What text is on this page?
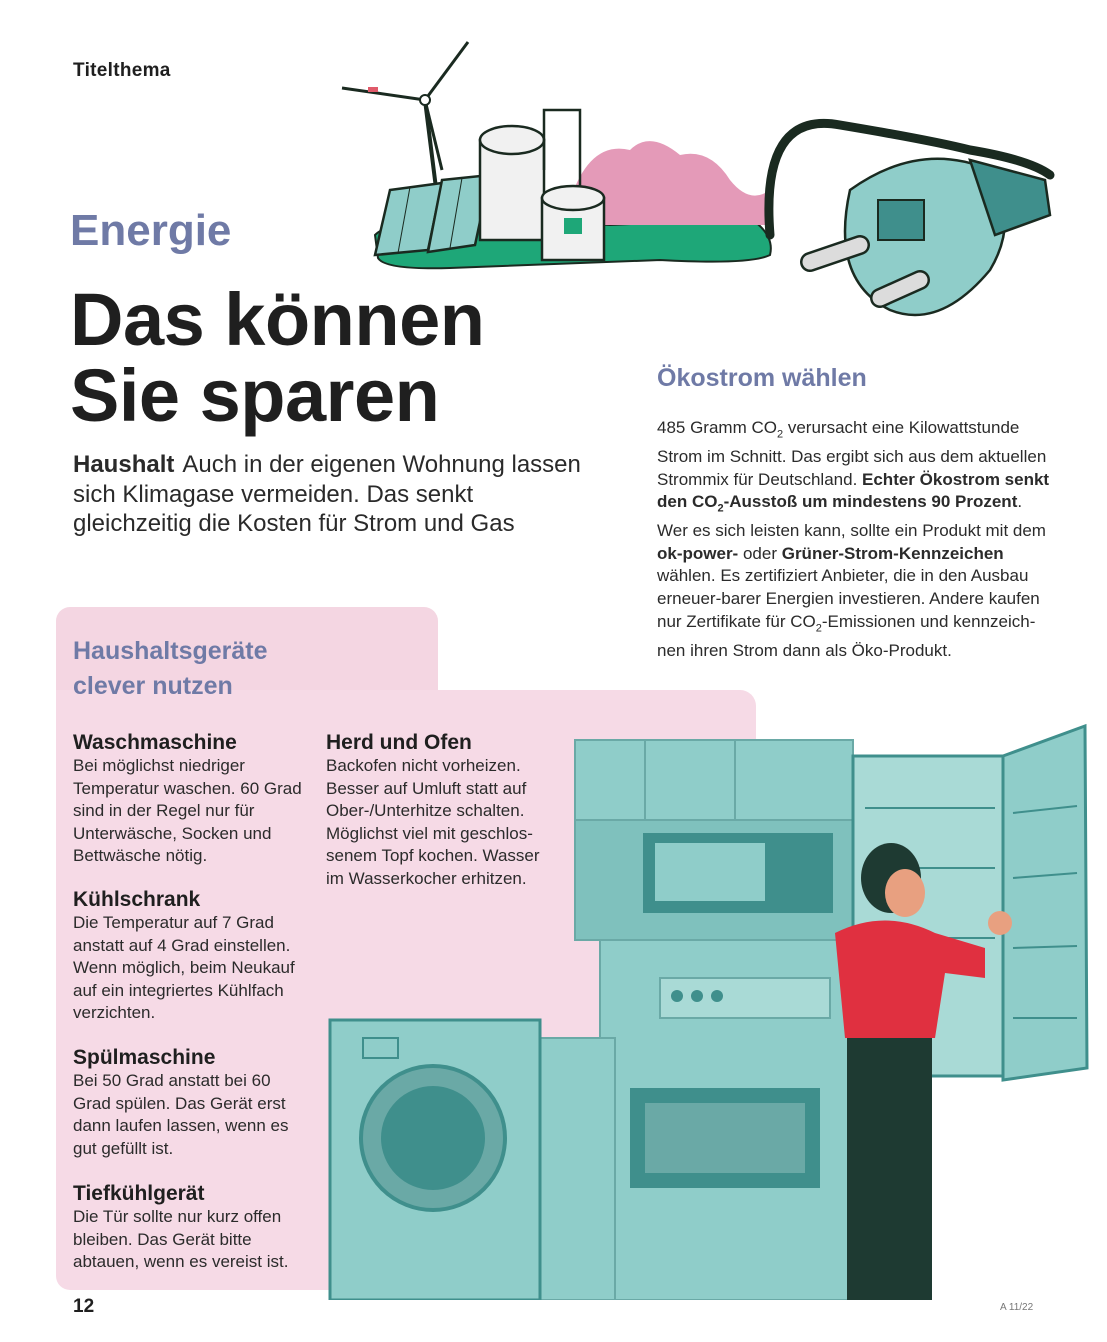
Titelthema
Energie
Das können
Sie sparen
Haushalt Auch in der eigenen Wohnung lassen sich Klimagase vermeiden. Das senkt gleichzeitig die Kosten für Strom und Gas
Ökostrom wählen
485 Gramm $CO_2$ verursacht eine Kilowattstunde Strom im Schnitt. Das ergibt sich aus dem aktuellen Strommix für Deutschland. Echter Ökostrom senkt den $CO_2$-Ausstoß um mindestens 90 Prozent. Wer es sich leisten kann, sollte ein Produkt mit dem ok-power- oder Grüner-Strom-Kennzeichen wählen. Es zertifiziert Anbieter, die in den Ausbau erneuer-barer Energien investieren. Andere kaufen nur Zertifikate für $CO_2$-Emissionen und kennzeich-nen ihren Strom dann als Öko-Produkt.
Haushaltsgeräte
clever nutzen
Waschmaschine

Bei möglichst niedriger Temperatur waschen. 60 Grad sind in der Regel nur für Unterwäsche, Socken und Bettwäsche nötig.

Kühlschrank

Die Temperatur auf 7 Grad anstatt auf 4 Grad einstellen. Wenn möglich, beim Neukauf auf ein integriertes Kühlfach verzichten.

Spülmaschine

Bei 50 Grad anstatt bei 60 Grad spülen. Das Gerät erst dann laufen lassen, wenn es gut gefüllt ist.

Tiefkühlgerät

Die Tür sollte nur kurz offen bleiben. Das Gerät bitte abtauen, wenn es vereist ist.

Herd und Ofen

Backofen nicht vorheizen. Besser auf Umluft statt auf Ober-/Unterhitze schalten. Möglichst viel mit geschlos-senem Topf kochen. Wasser im Wasserkocher erhitzen.

12	A 11/22
